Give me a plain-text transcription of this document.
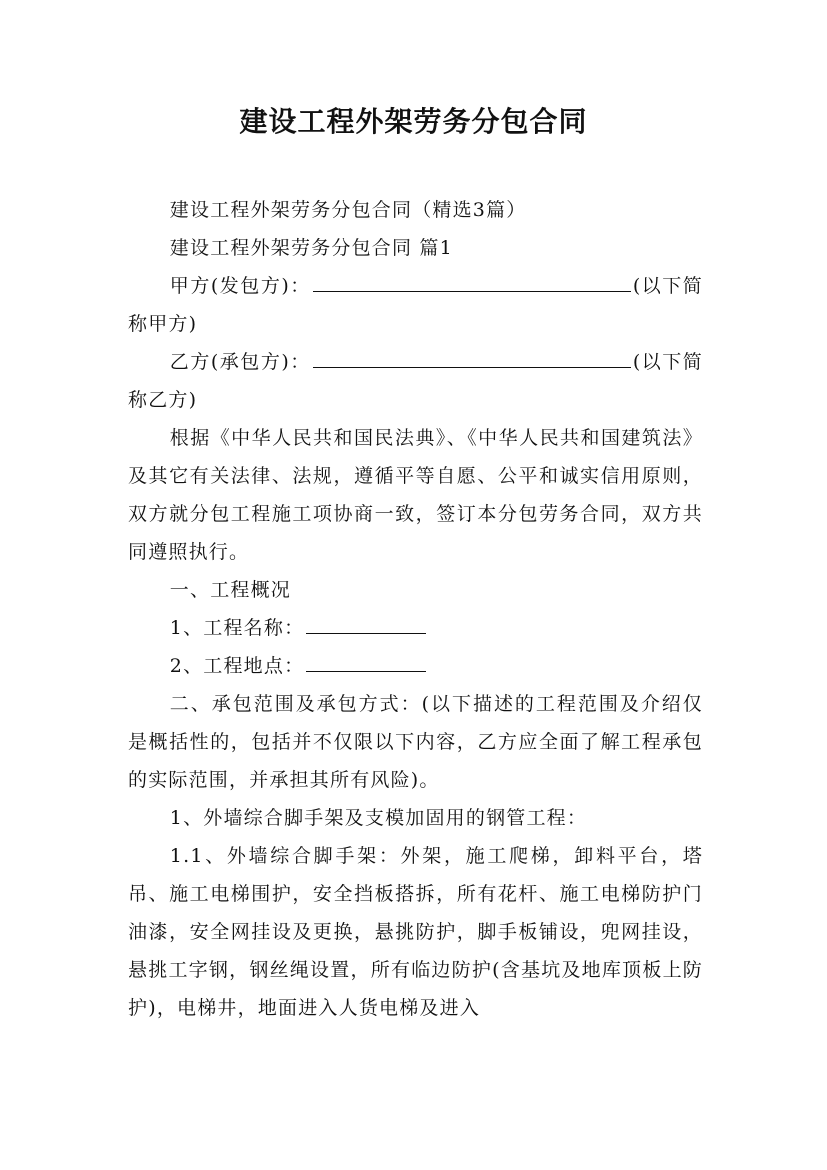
建设工程外架劳务分包合同

建设工程外架劳务分包合同（精选3篇）

建设工程外架劳务分包合同 篇1

甲方(发包方)：	(以下简称甲方)

乙方(承包方)：	(以下简称乙方)

根据《中华人民共和国民法典》、《中华人民共和国建筑法》及其它有关法律、法规，遵循平等自愿、公平和诚实信用原则，双方就分包工程施工项协商一致，签订本分包劳务合同，双方共同遵照执行。

一、工程概况

1、工程名称：

2、工程地点：

二、承包范围及承包方式：(以下描述的工程范围及介绍仅是概括性的，包括并不仅限以下内容，乙方应全面了解工程承包的实际范围，并承担其所有风险)。

1、外墙综合脚手架及支模加固用的钢管工程：

1.1、外墙综合脚手架：外架，施工爬梯，卸料平台，塔吊、施工电梯围护，安全挡板搭拆，所有花杆、施工电梯防护门油漆，安全网挂设及更换，悬挑防护，脚手板铺设，兜网挂设，悬挑工字钢，钢丝绳设置，所有临边防护(含基坑及地库顶板上防护)，电梯井，地面进入人货电梯及进入
